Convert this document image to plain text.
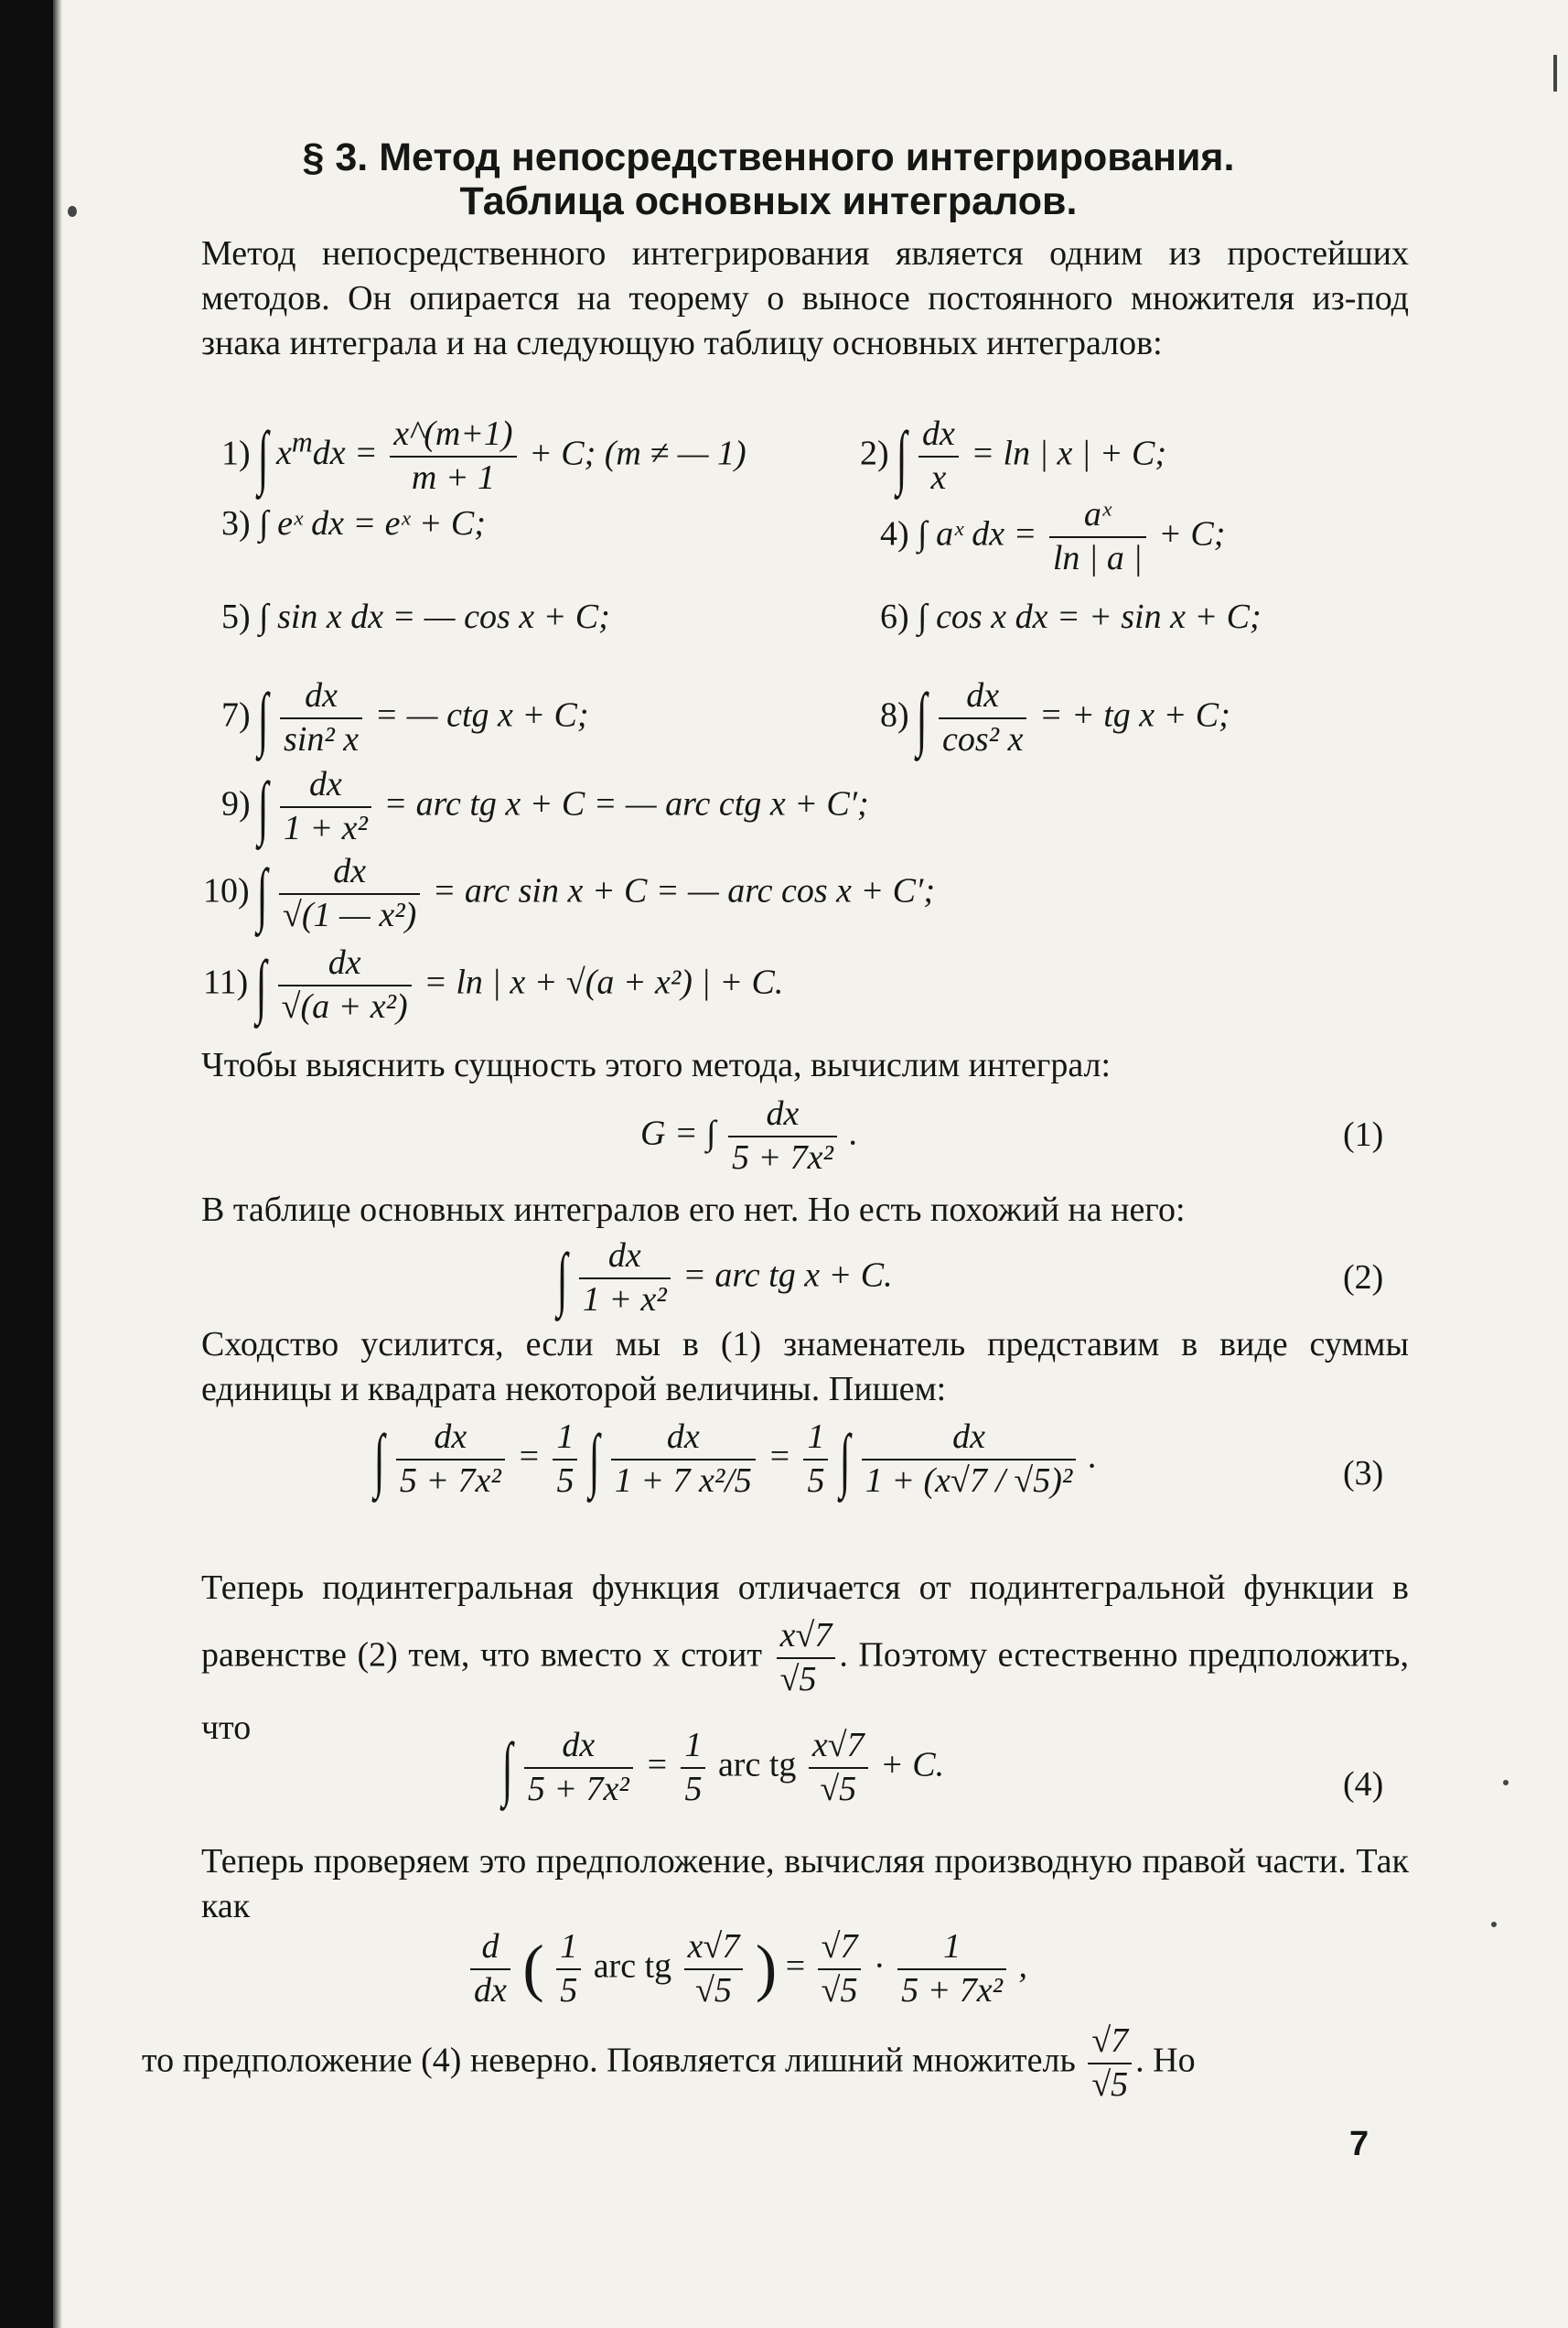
§ 3. Метод непосредственного интегрирования.
Таблица основных интегралов.
Метод непосредственного интегрирования является одним из простейших методов. Он опирается на теорему о выносе постоянного множителя из-под знака интеграла и на следующую таблицу основных интегралов:
1) ∫ $x^mdx = \frac{x\^{}(m+1)}{m + 1} + C$; (m ≠ — 1)	2) ∫ $\frac{dx}{x} = \ln$ | x | + C;
3) ∫ eˣ dx = eˣ + C;	4) ∫ aˣ dx = $\frac{\text{aˣ}}{\ln | a |} + C$;
5) ∫ sin x dx = — cos x + C;	6) ∫ cos x dx = + sin x + C;
7) ∫ $\frac{dx}{\text{sin² x}}$ = — ctg x + C;	8) ∫ $\frac{dx}{\text{cos² x}}$ = + tg x + C;
9) ∫ $\frac{dx}{\text{1 + x²}}$ = arc tg x + C = — arc ctg x + C′;
10) ∫ $\frac{dx}{\text{√(1 — x²)}}$ = arc sin x + C = — arc cos x + C′;
11) ∫ $\frac{dx}{\text{√(a + x²)}} = \ln$ | x + √(a + x²) | + C.
Чтобы выяснить сущность этого метода, вычислим интеграл:
G = ∫ $\frac{dx}{\text{5 + 7x²}}$ .	(1)
В таблице основных интегралов его нет. Но есть похожий на него:
∫ $\frac{dx}{\text{1 + x²}}$ = arc tg x + C.	(2)
Сходство усилится, если мы в (1) знаменатель представим в виде суммы единицы и квадрата некоторой величины. Пишем:
∫ $\frac{dx}{\text{5 + 7x²}} = \frac{1}{5}$ ∫ $\frac{dx}{\text{1 + 7 x²/5}} = \frac{1}{5}$ ∫ $\frac{dx}{\text{1 + (x√7 / √5)²}}$ .	(3)
Теперь подинтегральная функция отличается от подинтегральной функции в равенстве (2) тем, что вместо x стоит $\frac{x√7}{√5}$ . Поэтому естественно предположить, что	∫ $\frac{dx}{\text{5 + 7x²}} = \frac{1}{5}$ arc tg $\frac{x√7}{√5} + C$.
(4)
Теперь проверяем это предположение, вычисляя производную правой части. Так как
$\frac{d}{dx}$ ( $\frac{1}{5}$ arc tg $\frac{x√7}{√5}$ ) = $\frac{√7}{√5} \cdot \frac{1}{\text{5 + 7x²}}$ ,
то предположение (4) неверно. Появляется лишний множитель $\frac{√7}{√5}$ . Но
7
